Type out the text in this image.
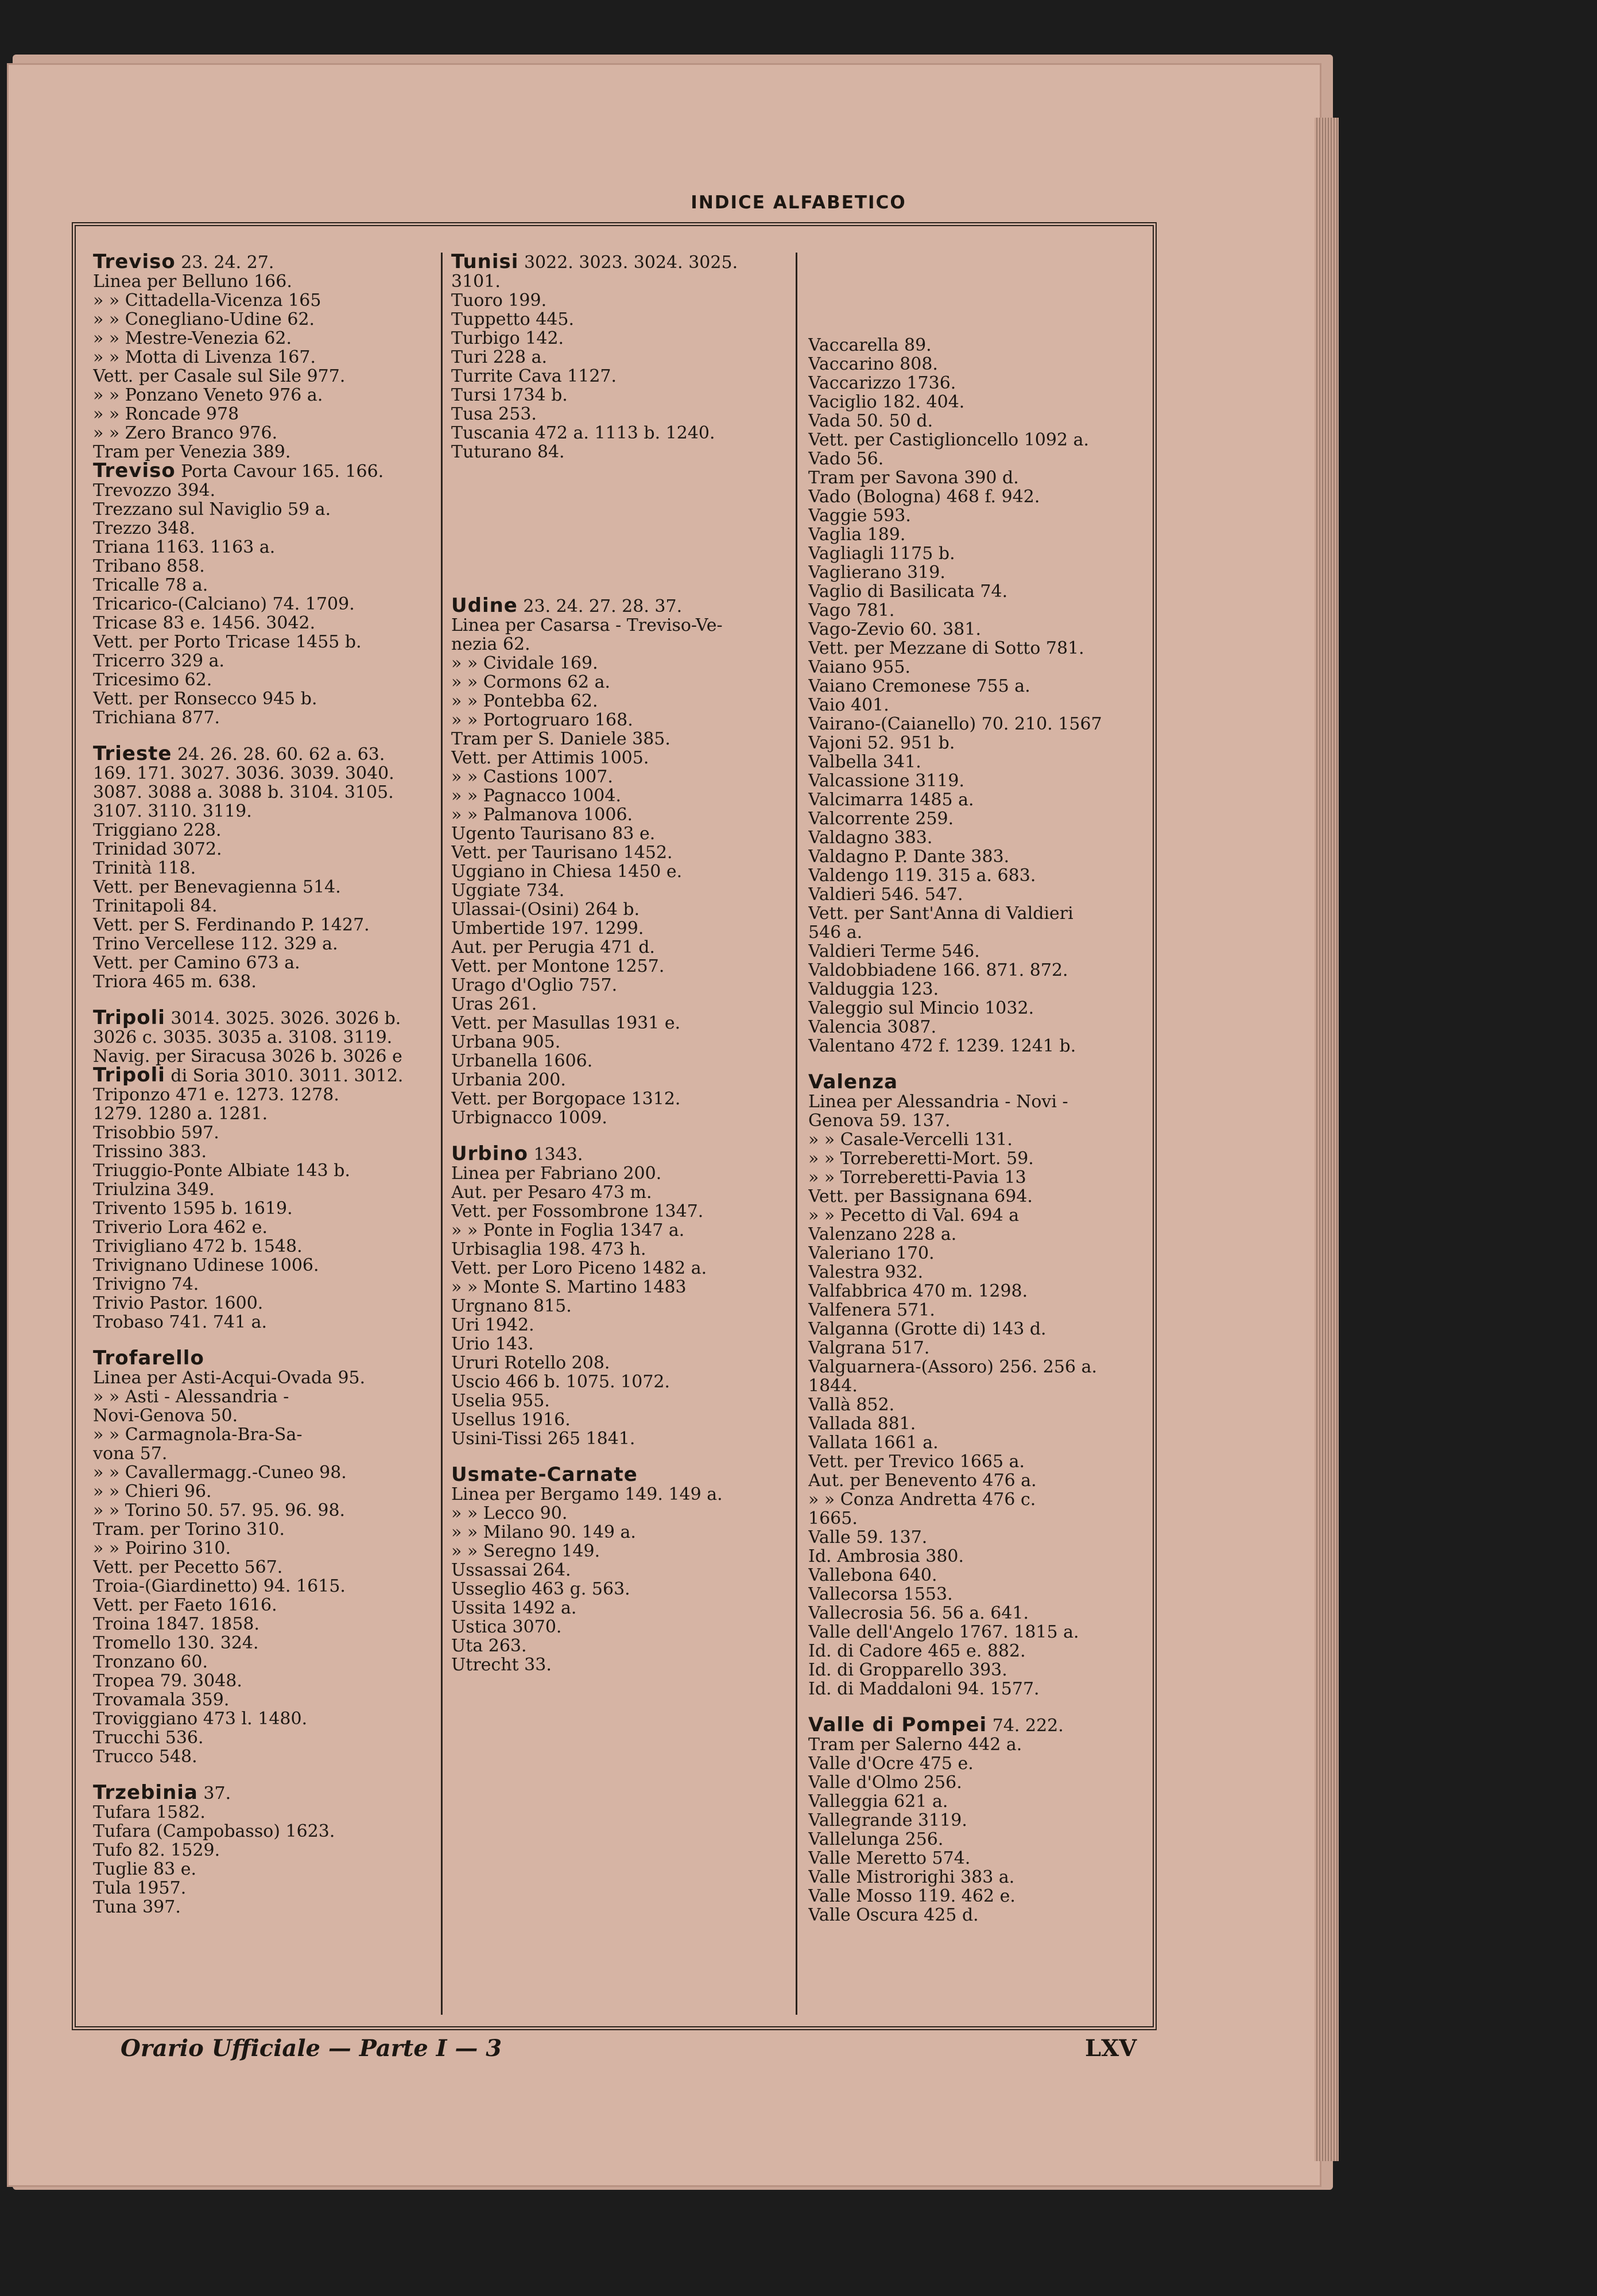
INDICE ALFABETICO
Treviso 23. 24. 27.
Linea per Belluno 166.
» » Cittadella-Vicenza 165
» » Conegliano-Udine 62.
» » Mestre-Venezia 62.
» » Motta di Livenza 167.
Vett. per Casale sul Sile 977.
» » Ponzano Veneto 976 a.
» » Roncade 978
» » Zero Branco 976.
Tram per Venezia 389.
Treviso Porta Cavour 165. 166.
Trevozzo 394.
Trezzano sul Naviglio 59 a.
Trezzo 348.
Triana 1163. 1163 a.
Tribano 858.
Tricalle 78 a.
Tricarico-(Calciano) 74. 1709.
Tricase 83 e. 1456. 3042.
Vett. per Porto Tricase 1455 b.
Tricerro 329 a.
Tricesimo 62.
Vett. per Ronsecco 945 b.
Trichiana 877.
Trieste 24. 26. 28. 60. 62 a. 63.
169. 171. 3027. 3036. 3039. 3040.
3087. 3088 a. 3088 b. 3104. 3105.
3107. 3110. 3119.
Triggiano 228.
Trinidad 3072.
Trinità 118.
Vett. per Benevagienna 514.
Trinitapoli 84.
Vett. per S. Ferdinando P. 1427.
Trino Vercellese 112. 329 a.
Vett. per Camino 673 a.
Triora 465 m. 638.
Tripoli 3014. 3025. 3026. 3026 b.
3026 c. 3035. 3035 a. 3108. 3119.
Navig. per Siracusa 3026 b. 3026 e
Tripoli di Soria 3010. 3011. 3012.
Triponzo 471 e. 1273. 1278.
1279. 1280 a. 1281.
Trisobbio 597.
Trissino 383.
Triuggio-Ponte Albiate 143 b.
Triulzina 349.
Trivento 1595 b. 1619.
Triverio Lora 462 e.
Trivigliano 472 b. 1548.
Trivignano Udinese 1006.
Trivigno 74.
Trivio Pastor. 1600.
Trobaso 741. 741 a.
Trofarello
Linea per Asti-Acqui-Ovada 95.
» » Asti - Alessandria -
Novi-Genova 50.
» » Carmagnola-Bra-Sa-
vona 57.
» » Cavallermagg.-Cuneo 98.
» » Chieri 96.
» » Torino 50. 57. 95. 96. 98.
Tram. per Torino 310.
» » Poirino 310.
Vett. per Pecetto 567.
Troia-(Giardinetto) 94. 1615.
Vett. per Faeto 1616.
Troina 1847. 1858.
Tromello 130. 324.
Tronzano 60.
Tropea 79. 3048.
Trovamala 359.
Troviggiano 473 l. 1480.
Trucchi 536.
Trucco 548.
Trzebinia 37.
Tufara 1582.
Tufara (Campobasso) 1623.
Tufo 82. 1529.
Tuglie 83 e.
Tula 1957.
Tuna 397.
Tunisi 3022. 3023. 3024. 3025.
3101.
Tuoro 199.
Tuppetto 445.
Turbigo 142.
Turi 228 a.
Turrite Cava 1127.
Tursi 1734 b.
Tusa 253.
Tuscania 472 a. 1113 b. 1240.
Tuturano 84.
Udine 23. 24. 27. 28. 37.
Linea per Casarsa - Treviso-Ve-
nezia 62.
» » Cividale 169.
» » Cormons 62 a.
» » Pontebba 62.
» » Portogruaro 168.
Tram per S. Daniele 385.
Vett. per Attimis 1005.
» » Castions 1007.
» » Pagnacco 1004.
» » Palmanova 1006.
Ugento Taurisano 83 e.
Vett. per Taurisano 1452.
Uggiano in Chiesa 1450 e.
Uggiate 734.
Ulassai-(Osini) 264 b.
Umbertide 197. 1299.
Aut. per Perugia 471 d.
Vett. per Montone 1257.
Urago d'Oglio 757.
Uras 261.
Vett. per Masullas 1931 e.
Urbana 905.
Urbanella 1606.
Urbania 200.
Vett. per Borgopace 1312.
Urbignacco 1009.
Urbino 1343.
Linea per Fabriano 200.
Aut. per Pesaro 473 m.
Vett. per Fossombrone 1347.
» » Ponte in Foglia 1347 a.
Urbisaglia 198. 473 h.
Vett. per Loro Piceno 1482 a.
» » Monte S. Martino 1483
Urgnano 815.
Uri 1942.
Urio 143.
Ururi Rotello 208.
Uscio 466 b. 1075. 1072.
Uselia 955.
Usellus 1916.
Usini-Tissi 265 1841.
Usmate-Carnate
Linea per Bergamo 149. 149 a.
» » Lecco 90.
» » Milano 90. 149 a.
» » Seregno 149.
Ussassai 264.
Usseglio 463 g. 563.
Ussita 1492 a.
Ustica 3070.
Uta 263.
Utrecht 33.
Vaccarella 89.
Vaccarino 808.
Vaccarizzo 1736.
Vaciglio 182. 404.
Vada 50. 50 d.
Vett. per Castiglioncello 1092 a.
Vado 56.
Tram per Savona 390 d.
Vado (Bologna) 468 f. 942.
Vaggie 593.
Vaglia 189.
Vagliagli 1175 b.
Vaglierano 319.
Vaglio di Basilicata 74.
Vago 781.
Vago-Zevio 60. 381.
Vett. per Mezzane di Sotto 781.
Vaiano 955.
Vaiano Cremonese 755 a.
Vaio 401.
Vairano-(Caianello) 70. 210. 1567
Vajoni 52. 951 b.
Valbella 341.
Valcassione 3119.
Valcimarra 1485 a.
Valcorrente 259.
Valdagno 383.
Valdagno P. Dante 383.
Valdengo 119. 315 a. 683.
Valdieri 546. 547.
Vett. per Sant'Anna di Valdieri
546 a.
Valdieri Terme 546.
Valdobbiadene 166. 871. 872.
Valduggia 123.
Valeggio sul Mincio 1032.
Valencia 3087.
Valentano 472 f. 1239. 1241 b.
Valenza
Linea per Alessandria - Novi -
Genova 59. 137.
» » Casale-Vercelli 131.
» » Torreberetti-Mort. 59.
» » Torreberetti-Pavia 13
Vett. per Bassignana 694.
» » Pecetto di Val. 694 a
Valenzano 228 a.
Valeriano 170.
Valestra 932.
Valfabbrica 470 m. 1298.
Valfenera 571.
Valganna (Grotte di) 143 d.
Valgrana 517.
Valguarnera-(Assoro) 256. 256 a.
1844.
Vallà 852.
Vallada 881.
Vallata 1661 a.
Vett. per Trevico 1665 a.
Aut. per Benevento 476 a.
» » Conza Andretta 476 c.
1665.
Valle 59. 137.
Id. Ambrosia 380.
Vallebona 640.
Vallecorsa 1553.
Vallecrosia 56. 56 a. 641.
Valle dell'Angelo 1767. 1815 a.
Id. di Cadore 465 e. 882.
Id. di Gropparello 393.
Id. di Maddaloni 94. 1577.
Valle di Pompei 74. 222.
Tram per Salerno 442 a.
Valle d'Ocre 475 e.
Valle d'Olmo 256.
Valleggia 621 a.
Vallegrande 3119.
Vallelunga 256.
Valle Meretto 574.
Valle Mistrorighi 383 a.
Valle Mosso 119. 462 e.
Valle Oscura 425 d.
Orario Ufficiale — Parte I — 3	LXV
